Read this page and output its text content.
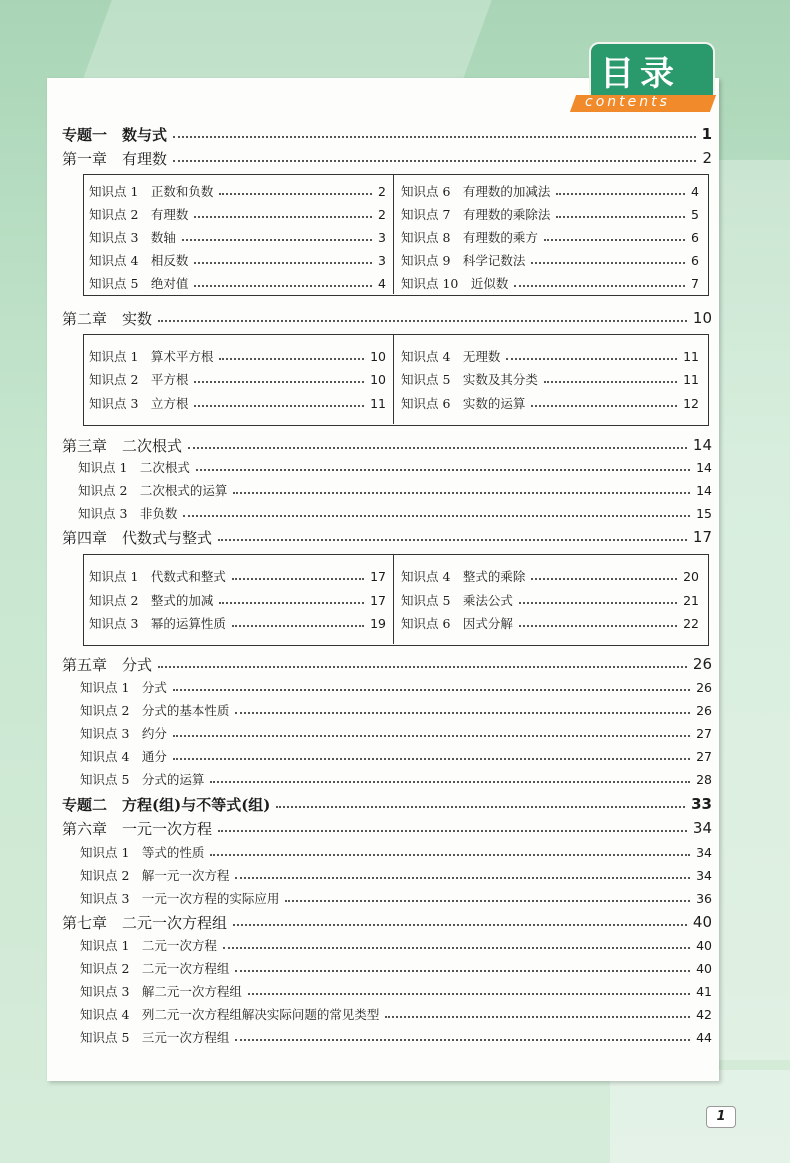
目录
contents
专题一　数与式	1
第一章　有理数	2
知识点 1　正数和负数	2
知识点 2　有理数	2
知识点 3　数轴	3
知识点 4　相反数	3
知识点 5　绝对值	4
知识点 6　有理数的加减法	4
知识点 7　有理数的乘除法	5
知识点 8　有理数的乘方	6
知识点 9　科学记数法	6
知识点 10　近似数	7
第二章　实数	10
知识点 1　算术平方根	10
知识点 2　平方根	10
知识点 3　立方根	11
知识点 4　无理数	11
知识点 5　实数及其分类	11
知识点 6　实数的运算	12
第三章　二次根式	14
知识点 1　二次根式	14
知识点 2　二次根式的运算	14
知识点 3　非负数	15
第四章　代数式与整式	17
知识点 1　代数式和整式	17
知识点 2　整式的加减	17
知识点 3　幂的运算性质	19
知识点 4　整式的乘除	20
知识点 5　乘法公式	21
知识点 6　因式分解	22
第五章　分式	26
知识点 1　分式	26
知识点 2　分式的基本性质	26
知识点 3　约分	27
知识点 4　通分	27
知识点 5　分式的运算	28
专题二　方程(组)与不等式(组)	33
第六章　一元一次方程	34
知识点 1　等式的性质	34
知识点 2　解一元一次方程	34
知识点 3　一元一次方程的实际应用	36
第七章　二元一次方程组	40
知识点 1　二元一次方程	40
知识点 2　二元一次方程组	40
知识点 3　解二元一次方程组	41
知识点 4　列二元一次方程组解决实际问题的常见类型	42
知识点 5　三元一次方程组	44
1
